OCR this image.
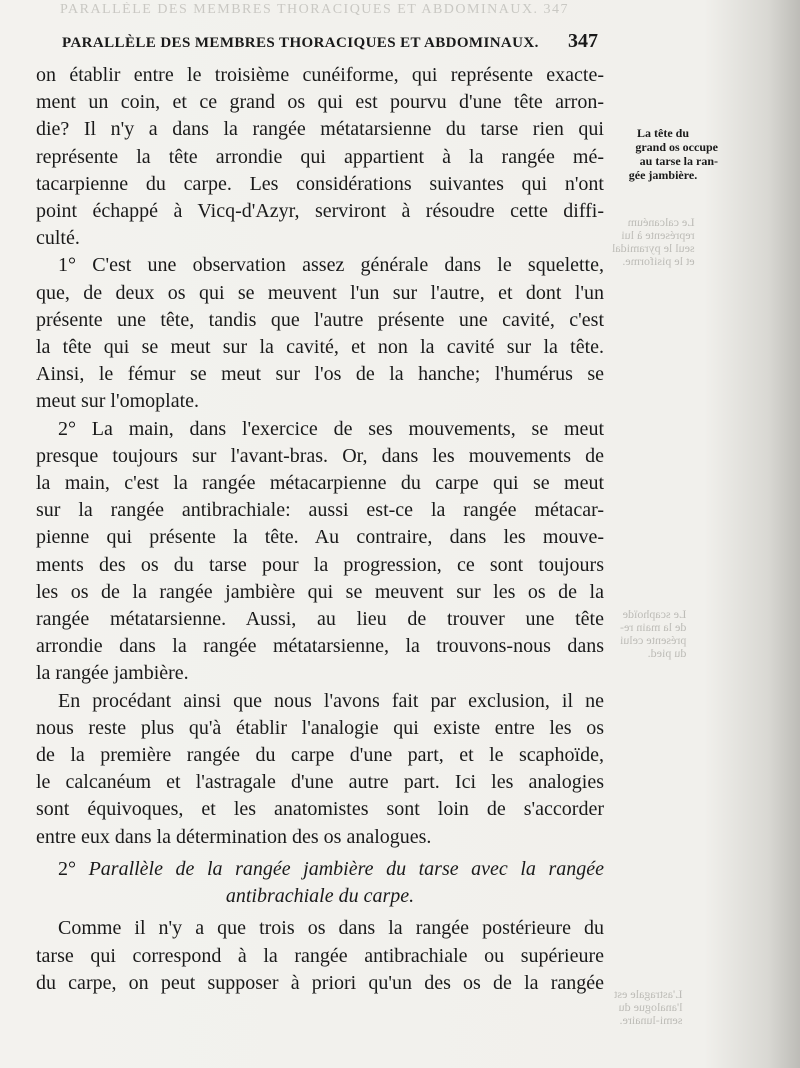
PARALLÈLE DES MEMBRES THORACIQUES ET ABDOMINAUX. 347
PARALLÈLE DES MEMBRES THORACIQUES ET ABDOMINAUX. 347
on établir entre le troisième cunéiforme, qui représente exacte-
ment un coin, et ce grand os qui est pourvu d'une tête arron-
die? Il n'y a dans la rangée métatarsienne du tarse rien qui
représente la tête arrondie qui appartient à la rangée mé-
tacarpienne du carpe. Les considérations suivantes qui n'ont
point échappé à Vicq-d'Azyr, serviront à résoudre cette diffi-
culté.
1° C'est une observation assez générale dans le squelette,
que, de deux os qui se meuvent l'un sur l'autre, et dont l'un
présente une tête, tandis que l'autre présente une cavité, c'est
la tête qui se meut sur la cavité, et non la cavité sur la tête.
Ainsi, le fémur se meut sur l'os de la hanche; l'humérus se
meut sur l'omoplate.
2° La main, dans l'exercice de ses mouvements, se meut
presque toujours sur l'avant-bras. Or, dans les mouvements de
la main, c'est la rangée métacarpienne du carpe qui se meut
sur la rangée antibrachiale: aussi est-ce la rangée métacar-
pienne qui présente la tête. Au contraire, dans les mouve-
ments des os du tarse pour la progression, ce sont toujours
les os de la rangée jambière qui se meuvent sur les os de la
rangée métatarsienne. Aussi, au lieu de trouver une tête
arrondie dans la rangée métatarsienne, la trouvons-nous dans
la rangée jambière.
En procédant ainsi que nous l'avons fait par exclusion, il ne
nous reste plus qu'à établir l'analogie qui existe entre les os
de la première rangée du carpe d'une part, et le scaphoïde,
le calcanéum et l'astragale d'une autre part. Ici les analogies
sont équivoques, et les anatomistes sont loin de s'accorder
entre eux dans la détermination des os analogues.
2° Parallèle de la rangée jambière du tarse avec la rangée
antibrachiale du carpe.
Comme il n'y a que trois os dans la rangée postérieure du
tarse qui correspond à la rangée antibrachiale ou supérieure
du carpe, on peut supposer à priori qu'un des os de la rangée
La tête du
grand os occupe
au tarse la ran-
gée jambière.
Le calcanéum
représente à lui
seul le pyramidal
et le pisiforme.
Le scaphoïde
de la main re-
présente celui
du pied.
L'astragale est
l'analogue du
semi-lunaire.
